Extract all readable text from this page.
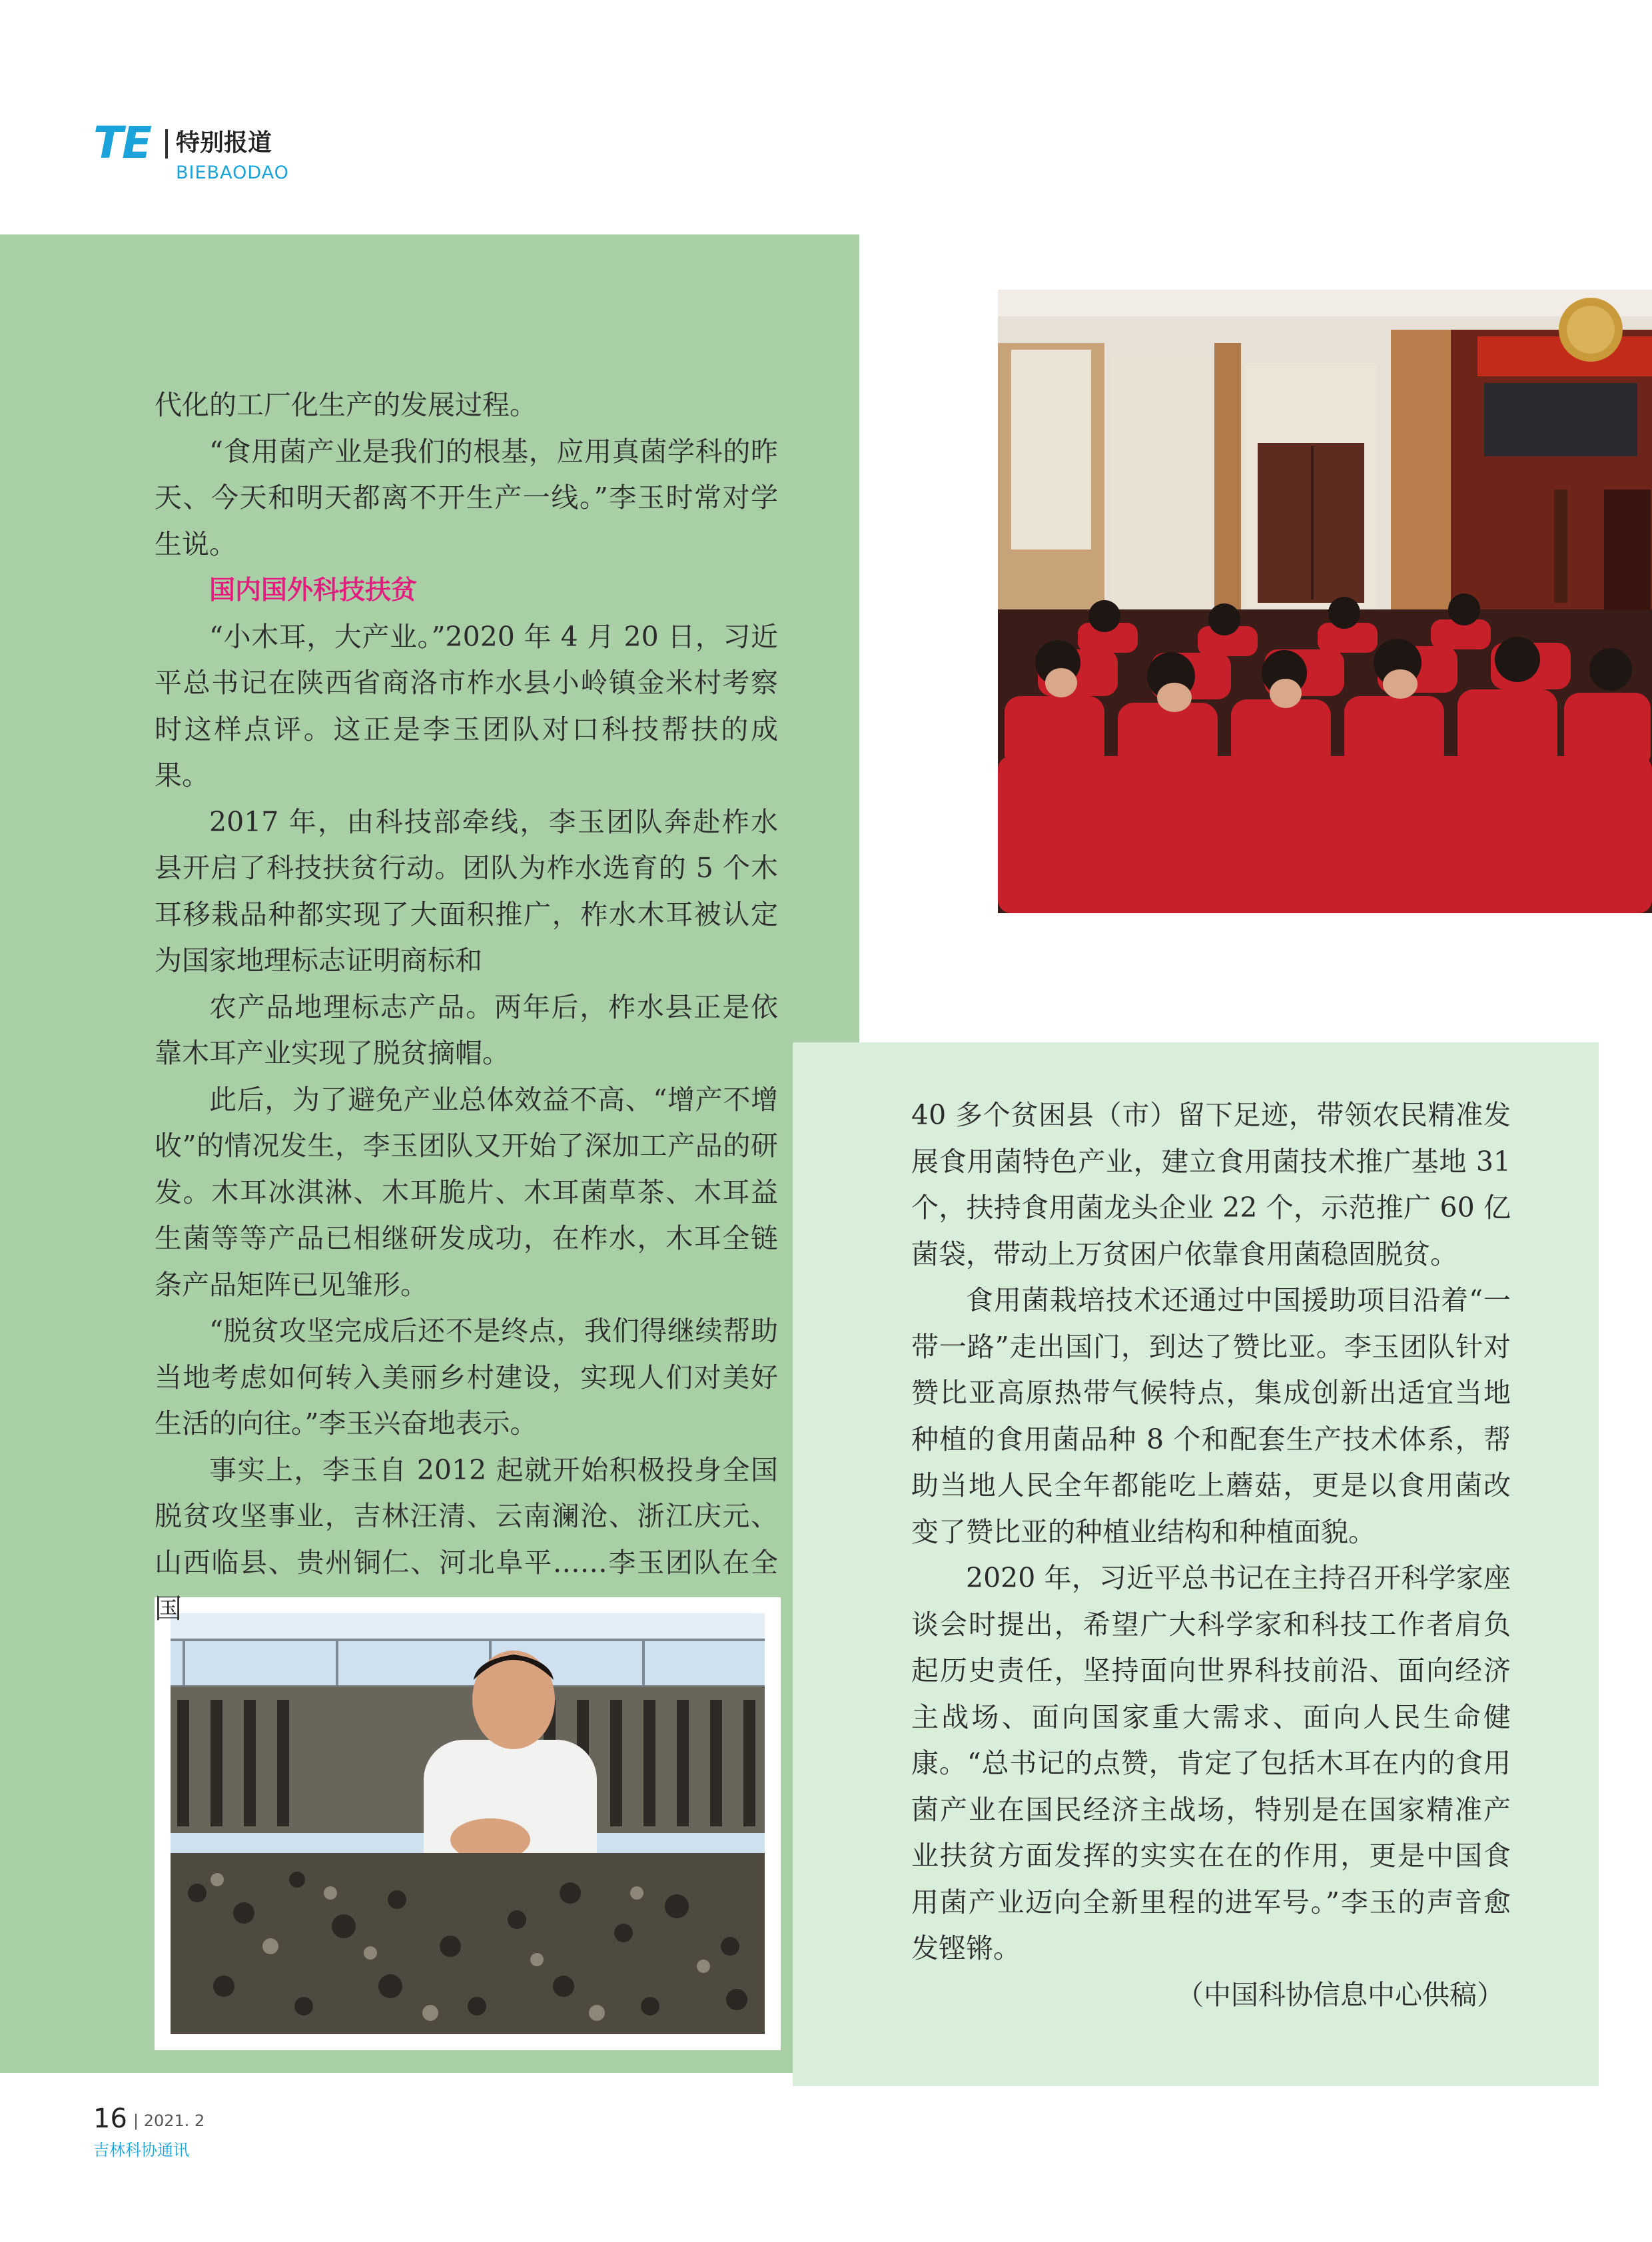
TE 特别报道
BIEBAODAO

代化的工厂化生产的发展过程。

“食用菌产业是我们的根基，应用真菌学科的昨天、今天和明天都离不开生产一线。”李玉时常对学生说。

国内国外科技扶贫

“小木耳，大产业。”2020 年 4 月 20 日，习近平总书记在陕西省商洛市柞水县小岭镇金米村考察时这样点评。这正是李玉团队对口科技帮扶的成果。

2017 年，由科技部牵线，李玉团队奔赴柞水县开启了科技扶贫行动。团队为柞水选育的 5 个木耳移栽品种都实现了大面积推广，柞水木耳被认定为国家地理标志证明商标和

农产品地理标志产品。两年后，柞水县正是依靠木耳产业实现了脱贫摘帽。

此后，为了避免产业总体效益不高、“增产不增收”的情况发生，李玉团队又开始了深加工产品的研发。木耳冰淇淋、木耳脆片、木耳菌草茶、木耳益生菌等等产品已相继研发成功，在柞水，木耳全链条产品矩阵已见雏形。

“脱贫攻坚完成后还不是终点，我们得继续帮助当地考虑如何转入美丽乡村建设，实现人们对美好生活的向往。”李玉兴奋地表示。

事实上，李玉自 2012 起就开始积极投身全国脱贫攻坚事业，吉林汪清、云南澜沧、浙江庆元、山西临县、贵州铜仁、河北阜平……李玉团队在全国

40 多个贫困县（市）留下足迹，带领农民精准发展食用菌特色产业，建立食用菌技术推广基地 31 个，扶持食用菌龙头企业 22 个，示范推广 60 亿菌袋，带动上万贫困户依靠食用菌稳固脱贫。

食用菌栽培技术还通过中国援助项目沿着“一带一路”走出国门，到达了赞比亚。李玉团队针对赞比亚高原热带气候特点，集成创新出适宜当地种植的食用菌品种 8 个和配套生产技术体系，帮助当地人民全年都能吃上蘑菇，更是以食用菌改变了赞比亚的种植业结构和种植面貌。

2020 年，习近平总书记在主持召开科学家座谈会时提出，希望广大科学家和科技工作者肩负起历史责任，坚持面向世界科技前沿、面向经济主战场、面向国家重大需求、面向人民生命健康。“总书记的点赞，肯定了包括木耳在内的食用菌产业在国民经济主战场，特别是在国家精准产业扶贫方面发挥的实实在在的作用，更是中国食用菌产业迈向全新里程的进军号。”李玉的声音愈发铿锵。

（中国科协信息中心供稿）

16 | 2021. 2
吉林科协通讯
